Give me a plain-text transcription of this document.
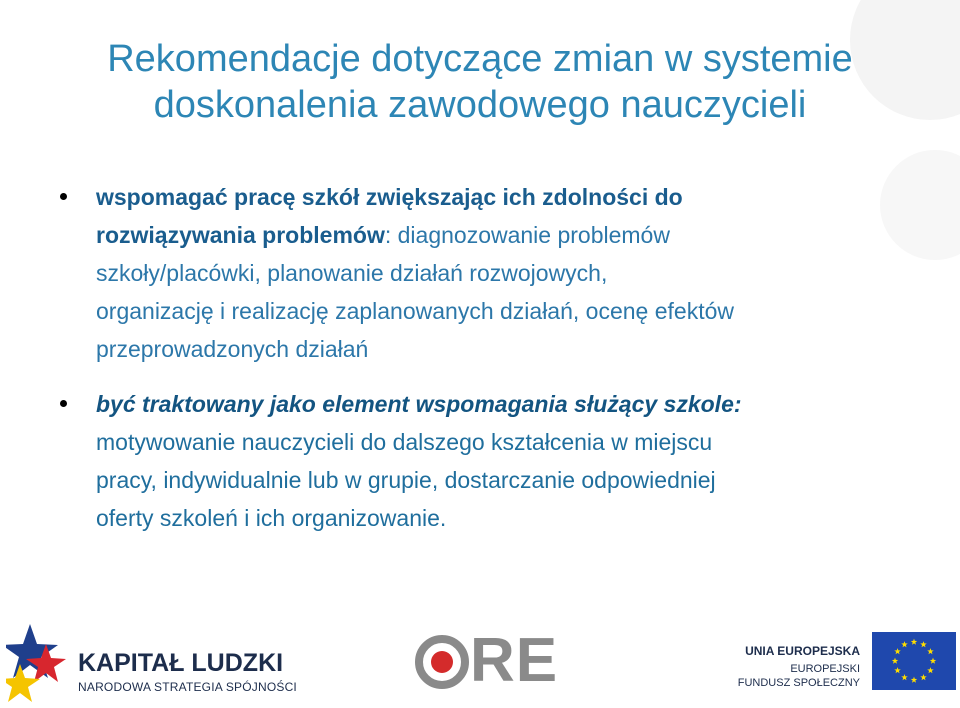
Rekomendacje dotyczące zmian w systemie
doskonalenia zawodowego nauczycieli
wspomagać pracę szkół zwiększając ich zdolności do
rozwiązywania problemów: diagnozowanie problemów
szkoły/placówki, planowanie działań rozwojowych,
organizację i realizację zaplanowanych działań, ocenę efektów
przeprowadzonych działań
być traktowany jako element wspomagania służący szkole:
motywowanie nauczycieli do dalszego kształcenia w miejscu
pracy, indywidualnie lub w grupie, dostarczanie odpowiedniej
oferty szkoleń i ich organizowanie.
KAPITAŁ LUDZKI
NARODOWA STRATEGIA SPÓJNOŚCI	RE	UNIA EUROPEJSKA
EUROPEJSKI
FUNDUSZ SPOŁECZNY
